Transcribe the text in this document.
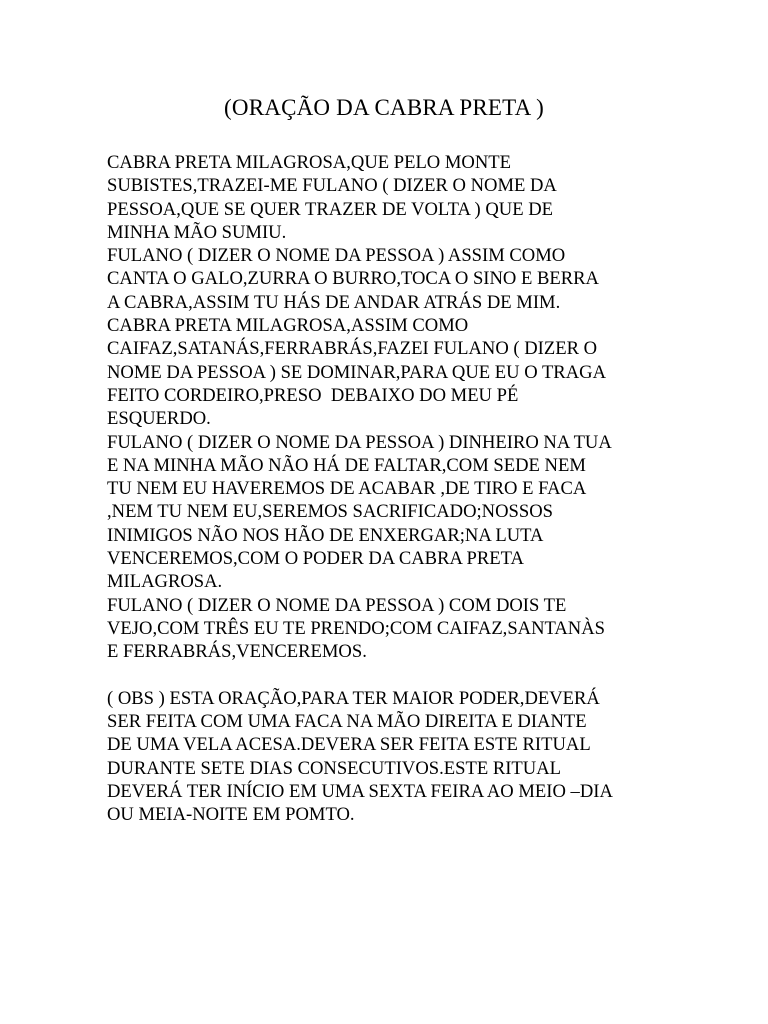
(ORAÇÃO DA CABRA PRETA )
CABRA PRETA MILAGROSA,QUE PELO MONTE
SUBISTES,TRAZEI-ME FULANO ( DIZER O NOME DA
PESSOA,QUE SE QUER TRAZER DE VOLTA ) QUE DE
MINHA MÃO SUMIU.
FULANO ( DIZER O NOME DA PESSOA ) ASSIM COMO
CANTA O GALO,ZURRA O BURRO,TOCA O SINO E BERRA
A CABRA,ASSIM TU HÁS DE ANDAR ATRÁS DE MIM.
CABRA PRETA MILAGROSA,ASSIM COMO
CAIFAZ,SATANÁS,FERRABRÁS,FAZEI FULANO ( DIZER O
NOME DA PESSOA ) SE DOMINAR,PARA QUE EU O TRAGA
FEITO CORDEIRO,PRESO  DEBAIXO DO MEU PÉ
ESQUERDO.
FULANO ( DIZER O NOME DA PESSOA ) DINHEIRO NA TUA
E NA MINHA MÃO NÃO HÁ DE FALTAR,COM SEDE NEM
TU NEM EU HAVEREMOS DE ACABAR ,DE TIRO E FACA
,NEM TU NEM EU,SEREMOS SACRIFICADO;NOSSOS
INIMIGOS NÃO NOS HÃO DE ENXERGAR;NA LUTA
VENCEREMOS,COM O PODER DA CABRA PRETA
MILAGROSA.
FULANO ( DIZER O NOME DA PESSOA ) COM DOIS TE
VEJO,COM TRÊS EU TE PRENDO;COM CAIFAZ,SANTANÀS
E FERRABRÁS,VENCEREMOS.
( OBS ) ESTA ORAÇÃO,PARA TER MAIOR PODER,DEVERÁ
SER FEITA COM UMA FACA NA MÃO DIREITA E DIANTE
DE UMA VELA ACESA.DEVERA SER FEITA ESTE RITUAL
DURANTE SETE DIAS CONSECUTIVOS.ESTE RITUAL
DEVERÁ TER INÍCIO EM UMA SEXTA FEIRA AO MEIO –DIA
OU MEIA-NOITE EM POMTO.
